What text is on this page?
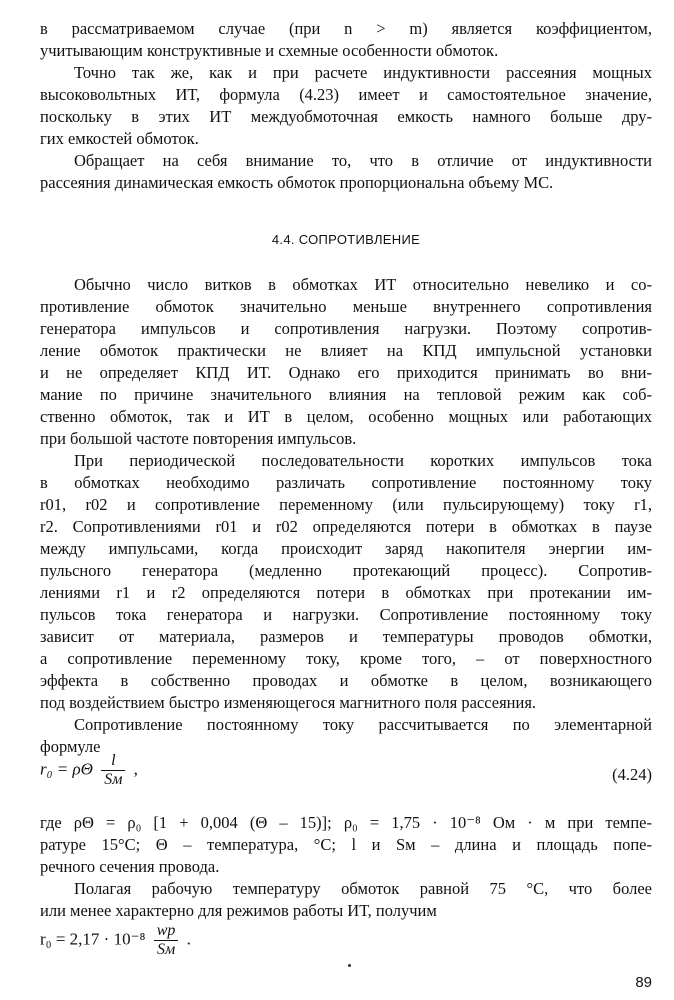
в рассматриваемом случае (при n > m) является коэффициентом,
учитывающим конструктивные и схемные особенности обмоток.
Точно так же, как и при расчете индуктивности рассеяния мощных
высоковольтных ИТ, формула (4.23) имеет и самостоятельное значение,
поскольку в этих ИТ междуобмоточная емкость намного больше дру-
гих емкостей обмоток.
Обращает на себя внимание то, что в отличие от индуктивности
рассеяния динамическая емкость обмоток пропорциональна объему МС.
4.4. СОПРОТИВЛЕНИЕ
Обычно число витков в обмотках ИТ относительно невелико и со-
противление обмоток значительно меньше внутреннего сопротивления
генератора импульсов и сопротивления нагрузки. Поэтому сопротив-
ление обмоток практически не влияет на КПД импульсной установки
и не определяет КПД ИТ. Однако его приходится принимать во вни-
мание по причине значительного влияния на тепловой режим как соб-
ственно обмоток, так и ИТ в целом, особенно мощных или работающих
при большой частоте повторения импульсов.
При периодической последовательности коротких импульсов тока
в обмотках необходимо различать сопротивление постоянному току
r01, r02 и сопротивление переменному (или пульсирующему) току r1,
r2. Сопротивлениями r01 и r02 определяются потери в обмотках в паузе
между импульсами, когда происходит заряд накопителя энергии им-
пульсного генератора (медленно протекающий процесс). Сопротив-
лениями r1 и r2 определяются потери в обмотках при протекании им-
пульсов тока генератора и нагрузки. Сопротивление постоянному току
зависит от материала, размеров и температуры проводов обмотки,
а сопротивление переменному току, кроме того, – от поверхностного
эффекта в собственно проводах и обмотке в целом, возникающего
под воздействием быстро изменяющегося магнитного поля рассеяния.
Сопротивление постоянному току рассчитывается по элементарной
формуле
r₀ = ρΘ $\frac{l}{Sм}$ ,	(4.24)
где ρΘ = ρ₀ [1 + 0,004 (Θ – 15)]; ρ₀ = 1,75 · 10⁻⁸ Ом · м при темпе-
ратуре 15°С; Θ – температура, °С; l и Sм – длина и площадь попе-
речного сечения провода.
Полагая рабочую температуру обмоток равной 75 °С, что более
или менее характерно для режимов работы ИТ, получим
$r_0 = 2,17 \cdot 10^{-8} \frac{wp}{Sм}$ .
89
